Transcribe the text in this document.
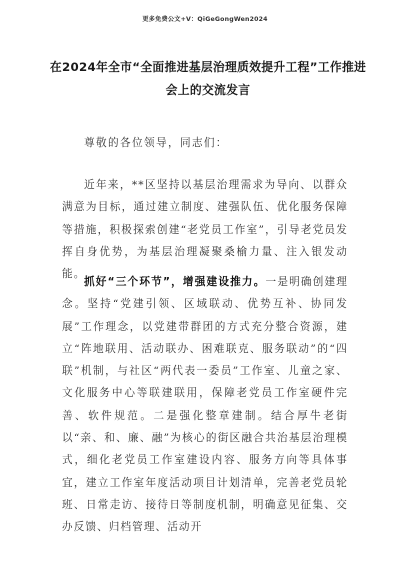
更多免费公文+V：QiGeGongWen2024
在2024年全市“全面推进基层治理质效提升工程”工作推进会上的交流发言
尊敬的各位领导，同志们：
近年来，**区坚持以基层治理需求为导向、以群众满意为目标，通过建立制度、建强队伍、优化服务保障等措施，积极探索创建“老党员工作室”，引导老党员发挥自身优势，为基层治理凝聚桑榆力量、注入银发动能。
抓好“三个环节”，增强建设推力。一是明确创建理念。坚持“党建引领、区域联动、优势互补、协同发展”工作理念，以党建带群团的方式充分整合资源，建立“阵地联用、活动联办、困难联克、服务联动”的“四联”机制，与社区“两代表一委员”工作室、儿童之家、文化服务中心等联建联用，保障老党员工作室硬件完善、软件规范。二是强化整章建制。结合厚牛老街以“亲、和、廉、融”为核心的街区融合共治基层治理模式，细化老党员工作室建设内容、服务方向等具体事宜，建立工作室年度活动项目计划清单，完善老党员轮班、日常走访、接待日等制度机制，明确意见征集、交办反馈、归档管理、活动开
